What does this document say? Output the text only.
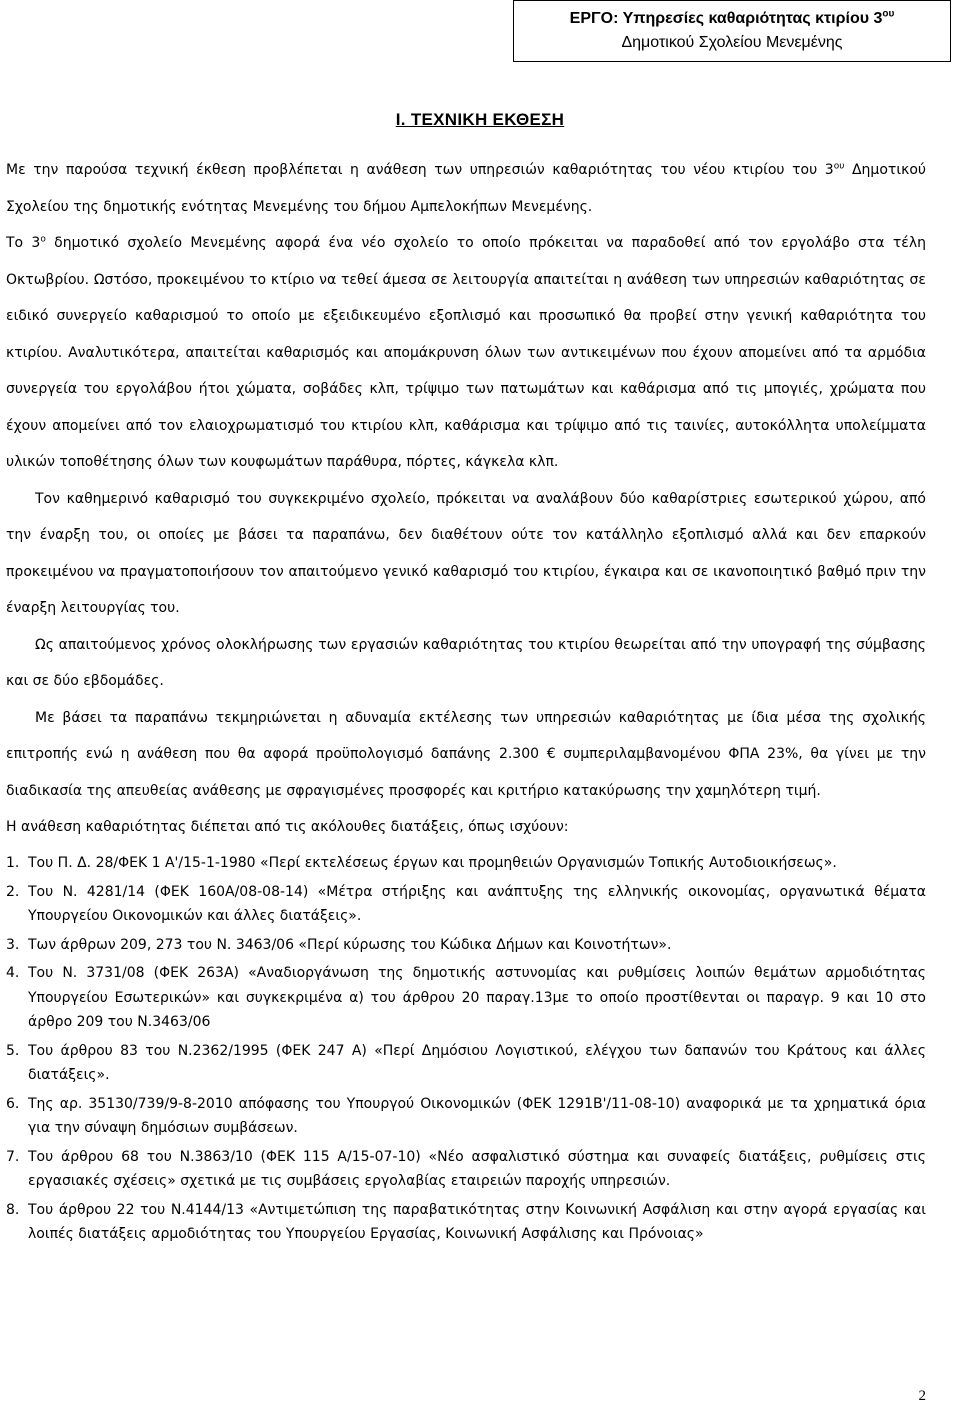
ΕΡΓΟ: Υπηρεσίες καθαριότητας κτιρίου $3^{o\upsilon}$
Δημοτικού Σχολείου Μενεμένης
Ι. ΤΕΧΝΙΚΗ ΕΚΘΕΣΗ

Με την παρούσα τεχνική έκθεση προβλέπεται η ανάθεση των υπηρεσιών καθαριότητας του νέου κτιρίου του $3^{o\upsilon}$ Δημοτικού Σχολείου της δημοτικής ενότητας Μενεμένης του δήμου Αμπελοκήπων Μενεμένης.

Το $3^o$ δημοτικό σχολείο Μενεμένης αφορά ένα νέο σχολείο το οποίο πρόκειται να παραδοθεί από τον εργολάβο στα τέλη Οκτωβρίου. Ωστόσο, προκειμένου το κτίριο να τεθεί άμεσα σε λειτουργία απαιτείται η ανάθεση των υπηρεσιών καθαριότητας σε ειδικό συνεργείο καθαρισμού το οποίο με εξειδικευμένο εξοπλισμό και προσωπικό θα προβεί στην γενική καθαριότητα του κτιρίου. Αναλυτικότερα, απαιτείται καθαρισμός και απομάκρυνση όλων των αντικειμένων που έχουν απομείνει από τα αρμόδια συνεργεία του εργολάβου ήτοι χώματα, σοβάδες κλπ, τρίψιμο των πατωμάτων και καθάρισμα από τις μπογιές, χρώματα που έχουν απομείνει από τον ελαιοχρωματισμό του κτιρίου κλπ, καθάρισμα και τρίψιμο από τις ταινίες, αυτοκόλλητα υπολείμματα υλικών τοποθέτησης όλων των κουφωμάτων παράθυρα, πόρτες, κάγκελα κλπ.

Τον καθημερινό καθαρισμό του συγκεκριμένο σχολείο, πρόκειται να αναλάβουν δύο καθαρίστριες εσωτερικού χώρου, από την έναρξη του, οι οποίες με βάσει τα παραπάνω, δεν διαθέτουν ούτε τον κατάλληλο εξοπλισμό αλλά και δεν επαρκούν προκειμένου να πραγματοποιήσουν τον απαιτούμενο γενικό καθαρισμό του κτιρίου, έγκαιρα και σε ικανοποιητικό βαθμό πριν την έναρξη λειτουργίας του.

Ως απαιτούμενος χρόνος ολοκλήρωσης των εργασιών καθαριότητας του κτιρίου θεωρείται από την υπογραφή της σύμβασης και σε δύο εβδομάδες.

Με βάσει τα παραπάνω τεκμηριώνεται η αδυναμία εκτέλεσης των υπηρεσιών καθαριότητας με ίδια μέσα της σχολικής επιτροπής ενώ η ανάθεση που θα αφορά προϋπολογισμό δαπάνης 2.300 € συμπεριλαμβανομένου ΦΠΑ 23%, θα γίνει με την διαδικασία της απευθείας ανάθεσης με σφραγισμένες προσφορές και κριτήριο κατακύρωσης την χαμηλότερη τιμή.

Η ανάθεση καθαριότητας διέπεται από τις ακόλουθες διατάξεις, όπως ισχύουν:

1. Του Π. Δ. 28/ΦΕΚ 1 Α'/15-1-1980 «Περί εκτελέσεως έργων και προμηθειών Οργανισμών Τοπικής Αυτοδιοικήσεως».
2. Του Ν. 4281/14 (ΦΕΚ 160Α/08-08-14) «Μέτρα στήριξης και ανάπτυξης της ελληνικής οικονομίας, οργανωτικά θέματα Υπουργείου Οικονομικών και άλλες διατάξεις».
3. Των άρθρων 209, 273 του Ν. 3463/06 «Περί κύρωσης του Κώδικα Δήμων και Κοινοτήτων».
4. Του Ν. 3731/08 (ΦΕΚ 263Α) «Αναδιοργάνωση της δημοτικής αστυνομίας και ρυθμίσεις λοιπών θεμάτων αρμοδιότητας Υπουργείου Εσωτερικών» και συγκεκριμένα α) του άρθρου 20 παραγ.13με το οποίο προστίθενται οι παραγρ. 9 και 10 στο άρθρο 209 του Ν.3463/06
5. Του άρθρου 83 του Ν.2362/1995 (ΦΕΚ 247 Α) «Περί Δημόσιου Λογιστικού, ελέγχου των δαπανών του Κράτους και άλλες διατάξεις».
6. Της αρ. 35130/739/9-8-2010 απόφασης του Υπουργού Οικονομικών (ΦΕΚ 1291Β'/11-08-10) αναφορικά με τα χρηματικά όρια για την σύναψη δημόσιων συμβάσεων.
7. Του άρθρου 68 του Ν.3863/10 (ΦΕΚ 115 Α/15-07-10) «Νέο ασφαλιστικό σύστημα και συναφείς διατάξεις, ρυθμίσεις στις εργασιακές σχέσεις» σχετικά με τις συμβάσεις εργολαβίας εταιρειών παροχής υπηρεσιών.
8. Του άρθρου 22 του Ν.4144/13 «Αντιμετώπιση της παραβατικότητας στην Κοινωνική Ασφάλιση και στην αγορά εργασίας και λοιπές διατάξεις αρμοδιότητας του Υπουργείου Εργασίας, Κοινωνική Ασφάλισης και Πρόνοιας»
2
